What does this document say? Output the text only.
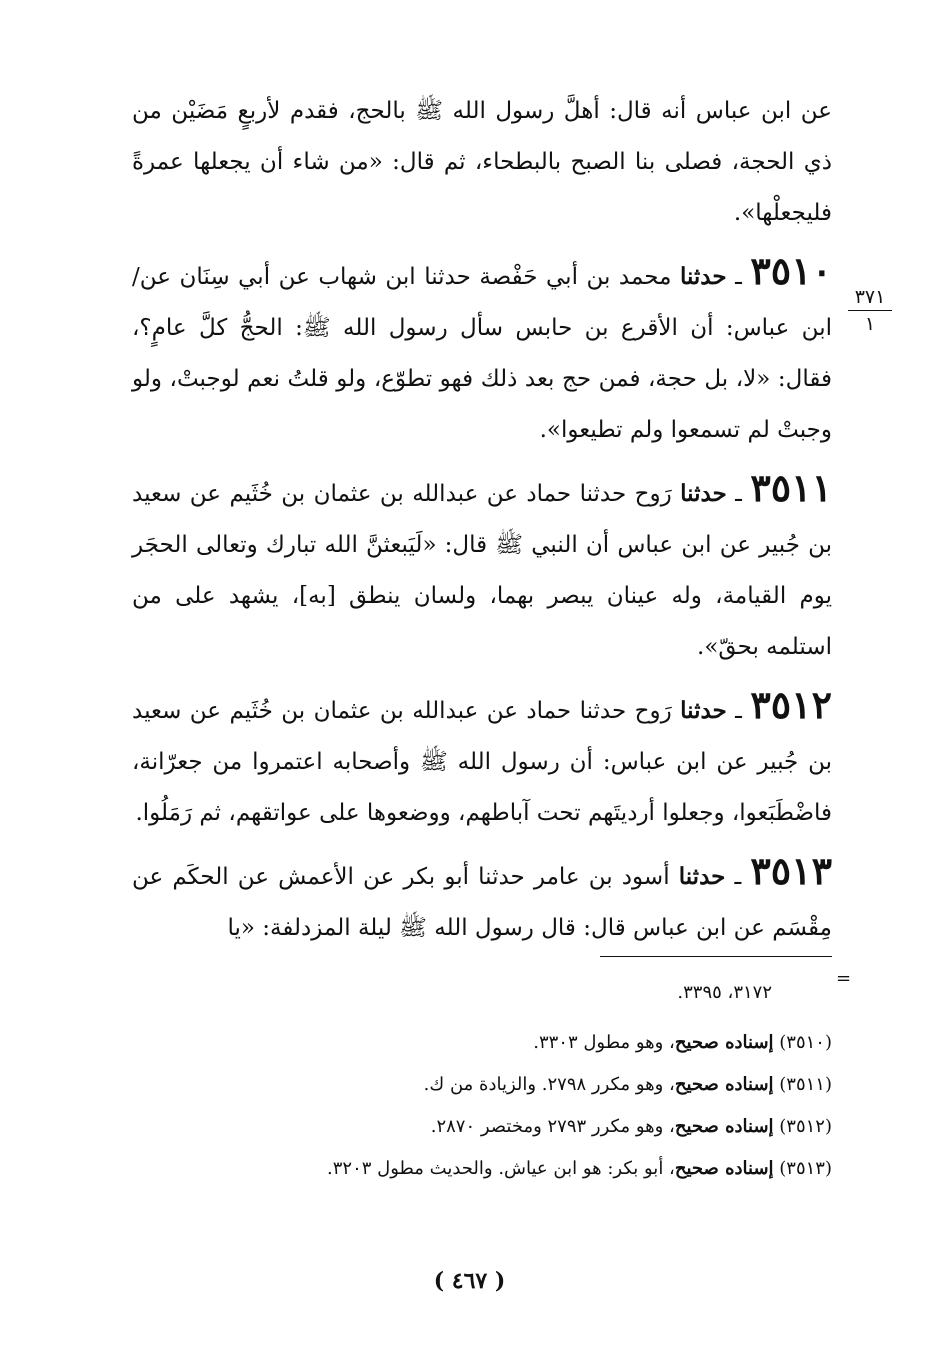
عن ابن عباس أنه قال: أهلَّ رسول الله ﷺ بالحج، فقدم لأربعٍ مَضَيْن من ذي الحجة، فصلى بنا الصبح بالبطحاء، ثم قال: «من شاء أن يجعلها عمرةً فليجعلْها».

٣٥١٠ ـ حدثنا محمد بن أبي حَفْصة حدثنا ابن شهاب عن أبي سِنَان عن/ ابن عباس: أن الأقرع بن حابس سأل رسول الله ﷺ: الحجُّ كلَّ عامٍ؟، فقال: «لا، بل حجة، فمن حج بعد ذلك فهو تطوّع، ولو قلتُ نعم لوجبتْ، ولو وجبتْ لم تسمعوا ولم تطيعوا».

٣٥١١ ـ حدثنا رَوح حدثنا حماد عن عبدالله بن عثمان بن خُثَيم عن سعيد بن جُبير عن ابن عباس أن النبي ﷺ قال: «لَيَبعثنَّ الله تبارك وتعالى الحجَر يوم القيامة، وله عينان يبصر بهما، ولسان ينطق [به]، يشهد على من استلمه بحقّ».

٣٥١٢ ـ حدثنا رَوح حدثنا حماد عن عبدالله بن عثمان بن خُثَيم عن سعيد بن جُبير عن ابن عباس: أن رسول الله ﷺ وأصحابه اعتمروا من جعرّانة، فاضْطَبَعوا، وجعلوا أرديتَهم تحت آباطهم، ووضعوها على عواتقهم، ثم رَمَلُوا.

٣٥١٣ ـ حدثنا أسود بن عامر حدثنا أبو بكر عن الأعمش عن الحكَم عن مِقْسَم عن ابن عباس قال: قال رسول الله ﷺ ليلة المزدلفة: «يا

٣٧١
١
=

٣١٧٢، ٣٣٩٥.

(٣٥١٠) إسناده صحيح، وهو مطول ٣٣٠٣.

(٣٥١١) إسناده صحيح، وهو مكرر ٢٧٩٨. والزيادة من ك.

(٣٥١٢) إسناده صحيح، وهو مكرر ٢٧٩٣ ومختصر ٢٨٧٠.

(٣٥١٣) إسناده صحيح، أبو بكر: هو ابن عياش. والحديث مطول ٣٢٠٣.

( ٤٦٧ )
